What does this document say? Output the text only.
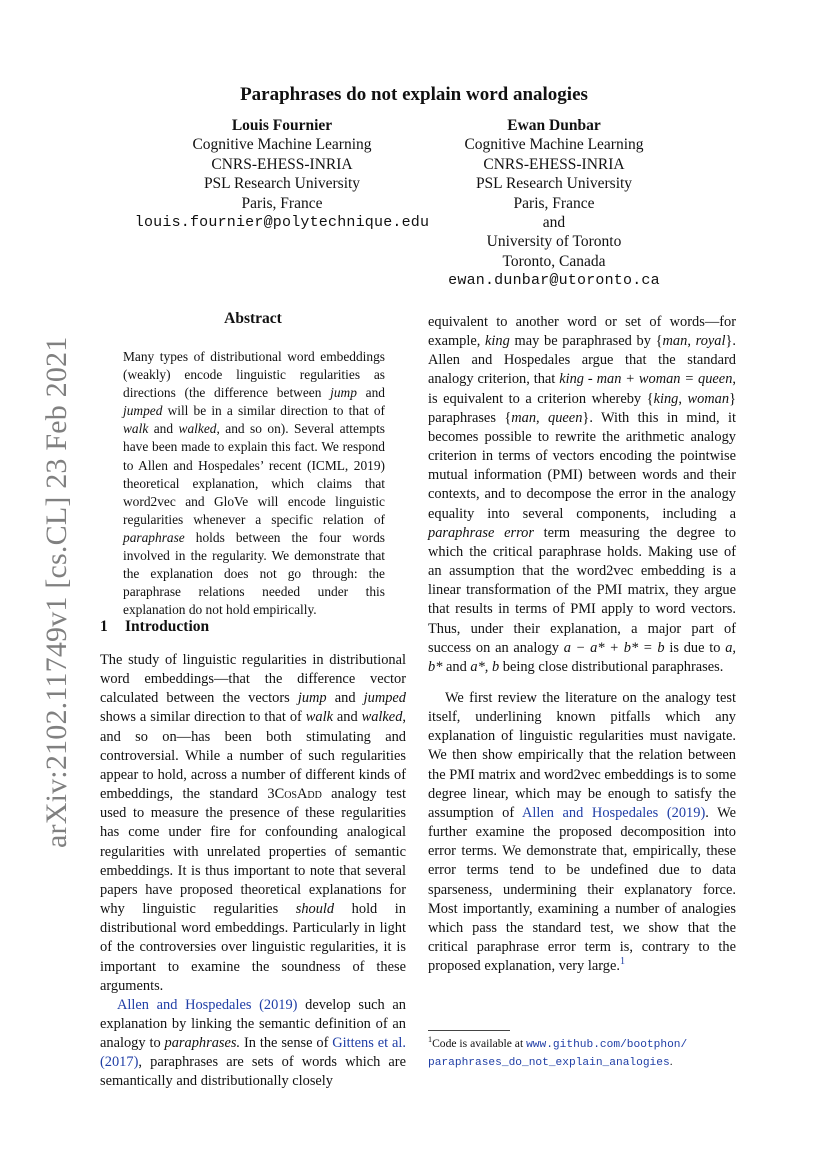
Paraphrases do not explain word analogies
Louis Fournier
Cognitive Machine Learning
CNRS-EHESS-INRIA
PSL Research University
Paris, France
louis.fournier@polytechnique.edu
Ewan Dunbar
Cognitive Machine Learning
CNRS-EHESS-INRIA
PSL Research University
Paris, France
and
University of Toronto
Toronto, Canada
ewan.dunbar@utoronto.ca
arXiv:2102.11749v1 [cs.CL] 23 Feb 2021
Abstract
Many types of distributional word embeddings (weakly) encode linguistic regularities as directions (the difference between jump and jumped will be in a similar direction to that of walk and walked, and so on). Several attempts have been made to explain this fact. We respond to Allen and Hospedales’ recent (ICML, 2019) theoretical explanation, which claims that word2vec and GloVe will encode linguistic regularities whenever a specific relation of paraphrase holds between the four words involved in the regularity. We demonstrate that the explanation does not go through: the paraphrase relations needed under this explanation do not hold empirically.
1 Introduction

The study of linguistic regularities in distributional word embeddings—that the difference vector calculated between the vectors jump and jumped shows a similar direction to that of walk and walked, and so on—has been both stimulating and controversial. While a number of such regularities appear to hold, across a number of different kinds of embeddings, the standard 3CosAdd analogy test used to measure the presence of these regularities has come under fire for confounding analogical regularities with unrelated properties of semantic embeddings. It is thus important to note that several papers have proposed theoretical explanations for why linguistic regularities should hold in distributional word embeddings. Particularly in light of the controversies over linguistic regularities, it is important to examine the soundness of these arguments.

Allen and Hospedales (2019) develop such an explanation by linking the semantic definition of an analogy to paraphrases. In the sense of Gittens et al. (2017), paraphrases are sets of words which are semantically and distributionally closely

equivalent to another word or set of words—for example, king may be paraphrased by {man, royal}. Allen and Hospedales argue that the standard analogy criterion, that king - man + woman = queen, is equivalent to a criterion whereby {king, woman} paraphrases {man, queen}. With this in mind, it becomes possible to rewrite the arithmetic analogy criterion in terms of vectors encoding the pointwise mutual information (PMI) between words and their contexts, and to decompose the error in the analogy equality into several components, including a paraphrase error term measuring the degree to which the critical paraphrase holds. Making use of an assumption that the word2vec embedding is a linear transformation of the PMI matrix, they argue that results in terms of PMI apply to word vectors. Thus, under their explanation, a major part of success on an analogy a − a* + b* = b is due to a, b* and a*, b being close distributional paraphrases.

We first review the literature on the analogy test itself, underlining known pitfalls which any explanation of linguistic regularities must navigate. We then show empirically that the relation between the PMI matrix and word2vec embeddings is to some degree linear, which may be enough to satisfy the assumption of Allen and Hospedales (2019). We further examine the proposed decomposition into error terms. We demonstrate that, empirically, these error terms tend to be undefined due to data sparseness, undermining their explanatory force. Most importantly, examining a number of analogies which pass the standard test, we show that the critical paraphrase error term is, contrary to the proposed explanation, very large.$^1$

$^1$Code is available at www.github.com/bootphon/
paraphrases_do_not_explain_analogies.
